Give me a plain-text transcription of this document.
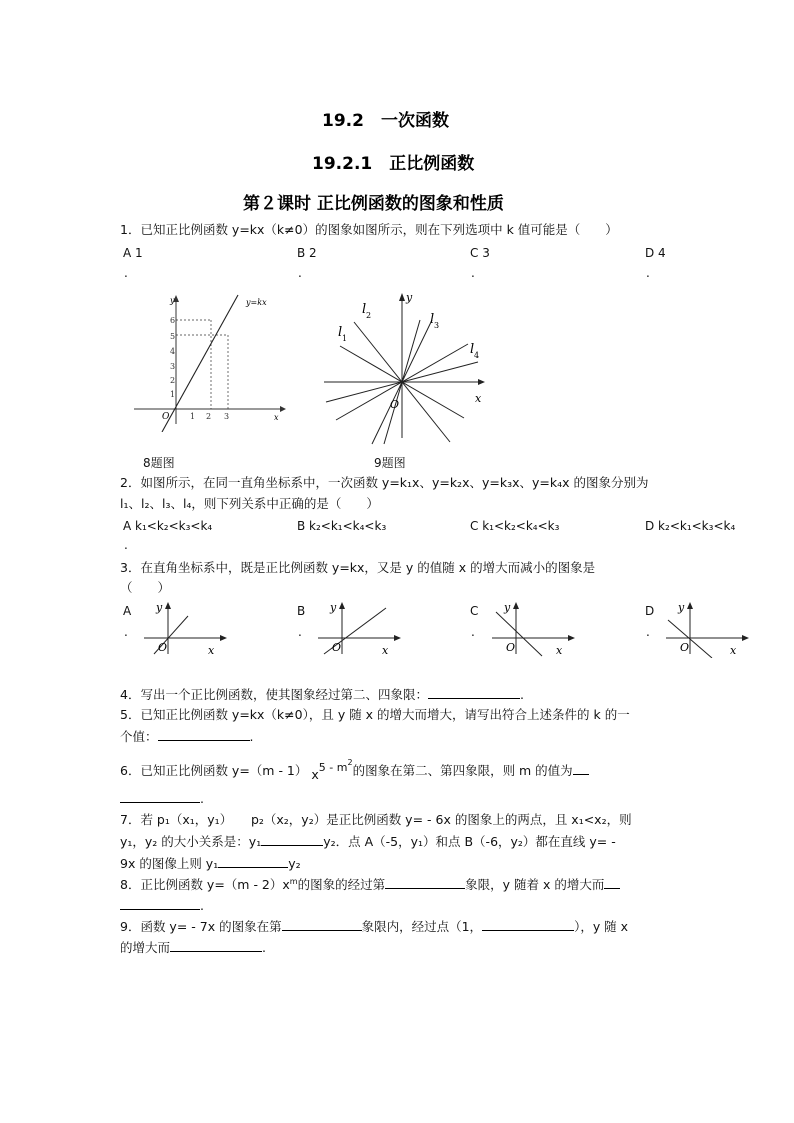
19.2　一次函数
19.2.1　正比例函数
第２课时 正比例函数的图象和性质
1．已知正比例函数 y=kx（k≠0）的图象如图所示，则在下列选项中 k 值可能是（　　）
A 1	B 2	C 3	D 4
.	.	.	.
y
x
O
1
2
3
4
5
6
1 2 3
y=kx
8题图
y
x
O
l 1
l 2	l 3
l 4
9题图
2．如图所示，在同一直角坐标系中，一次函数 y=k₁x、y=k₂x、y=k₃x、y=k₄x 的图象分别为
l₁、l₂、l₃、l₄，则下列关系中正确的是（　　）
A k₁<k₂<k₃<k₄	B k₂<k₁<k₄<k₃	C k₁<k₂<k₄<k₃	D k₂<k₁<k₃<k₄
.
3．在直角坐标系中，既是正比例函数 y=kx，又是 y 的值随 x 的增大而减小的图象是
（　　）
A	B	C	D
.	.	.	.
y
x
O
y
x
O
y
x
O
y
x
O
4．写出一个正比例函数，使其图象经过第二、四象限：	.
5．已知正比例函数 y=kx（k≠0），且 y 随 x 的增大而增大，请写出符合上述条件的 k 的一
个值：	.
6．已知正比例函数 y=（m - 1） $x5 - m^2$的图象在第二、第四象限，则 m 的值为
.
7．若 p₁（x₁，y₁）　　p₂（x₂，y₂）是正比例函数 y= - 6x 的图象上的两点，且 x₁<x₂，则
y₁，y₂ 的大小关系是：y₁	y₂．点 A（-5，y₁）和点 B（-6，y₂）都在直线 y= -
9x 的图像上则 y₁	y₂
8．正比例函数 $y=(m - 2)x^m$的图象的经过第	象限，y 随着 x 的增大而
.
9．函数 y= - 7x 的图象在第	象限内，经过点（1，	），y 随 x
的增大而	.
